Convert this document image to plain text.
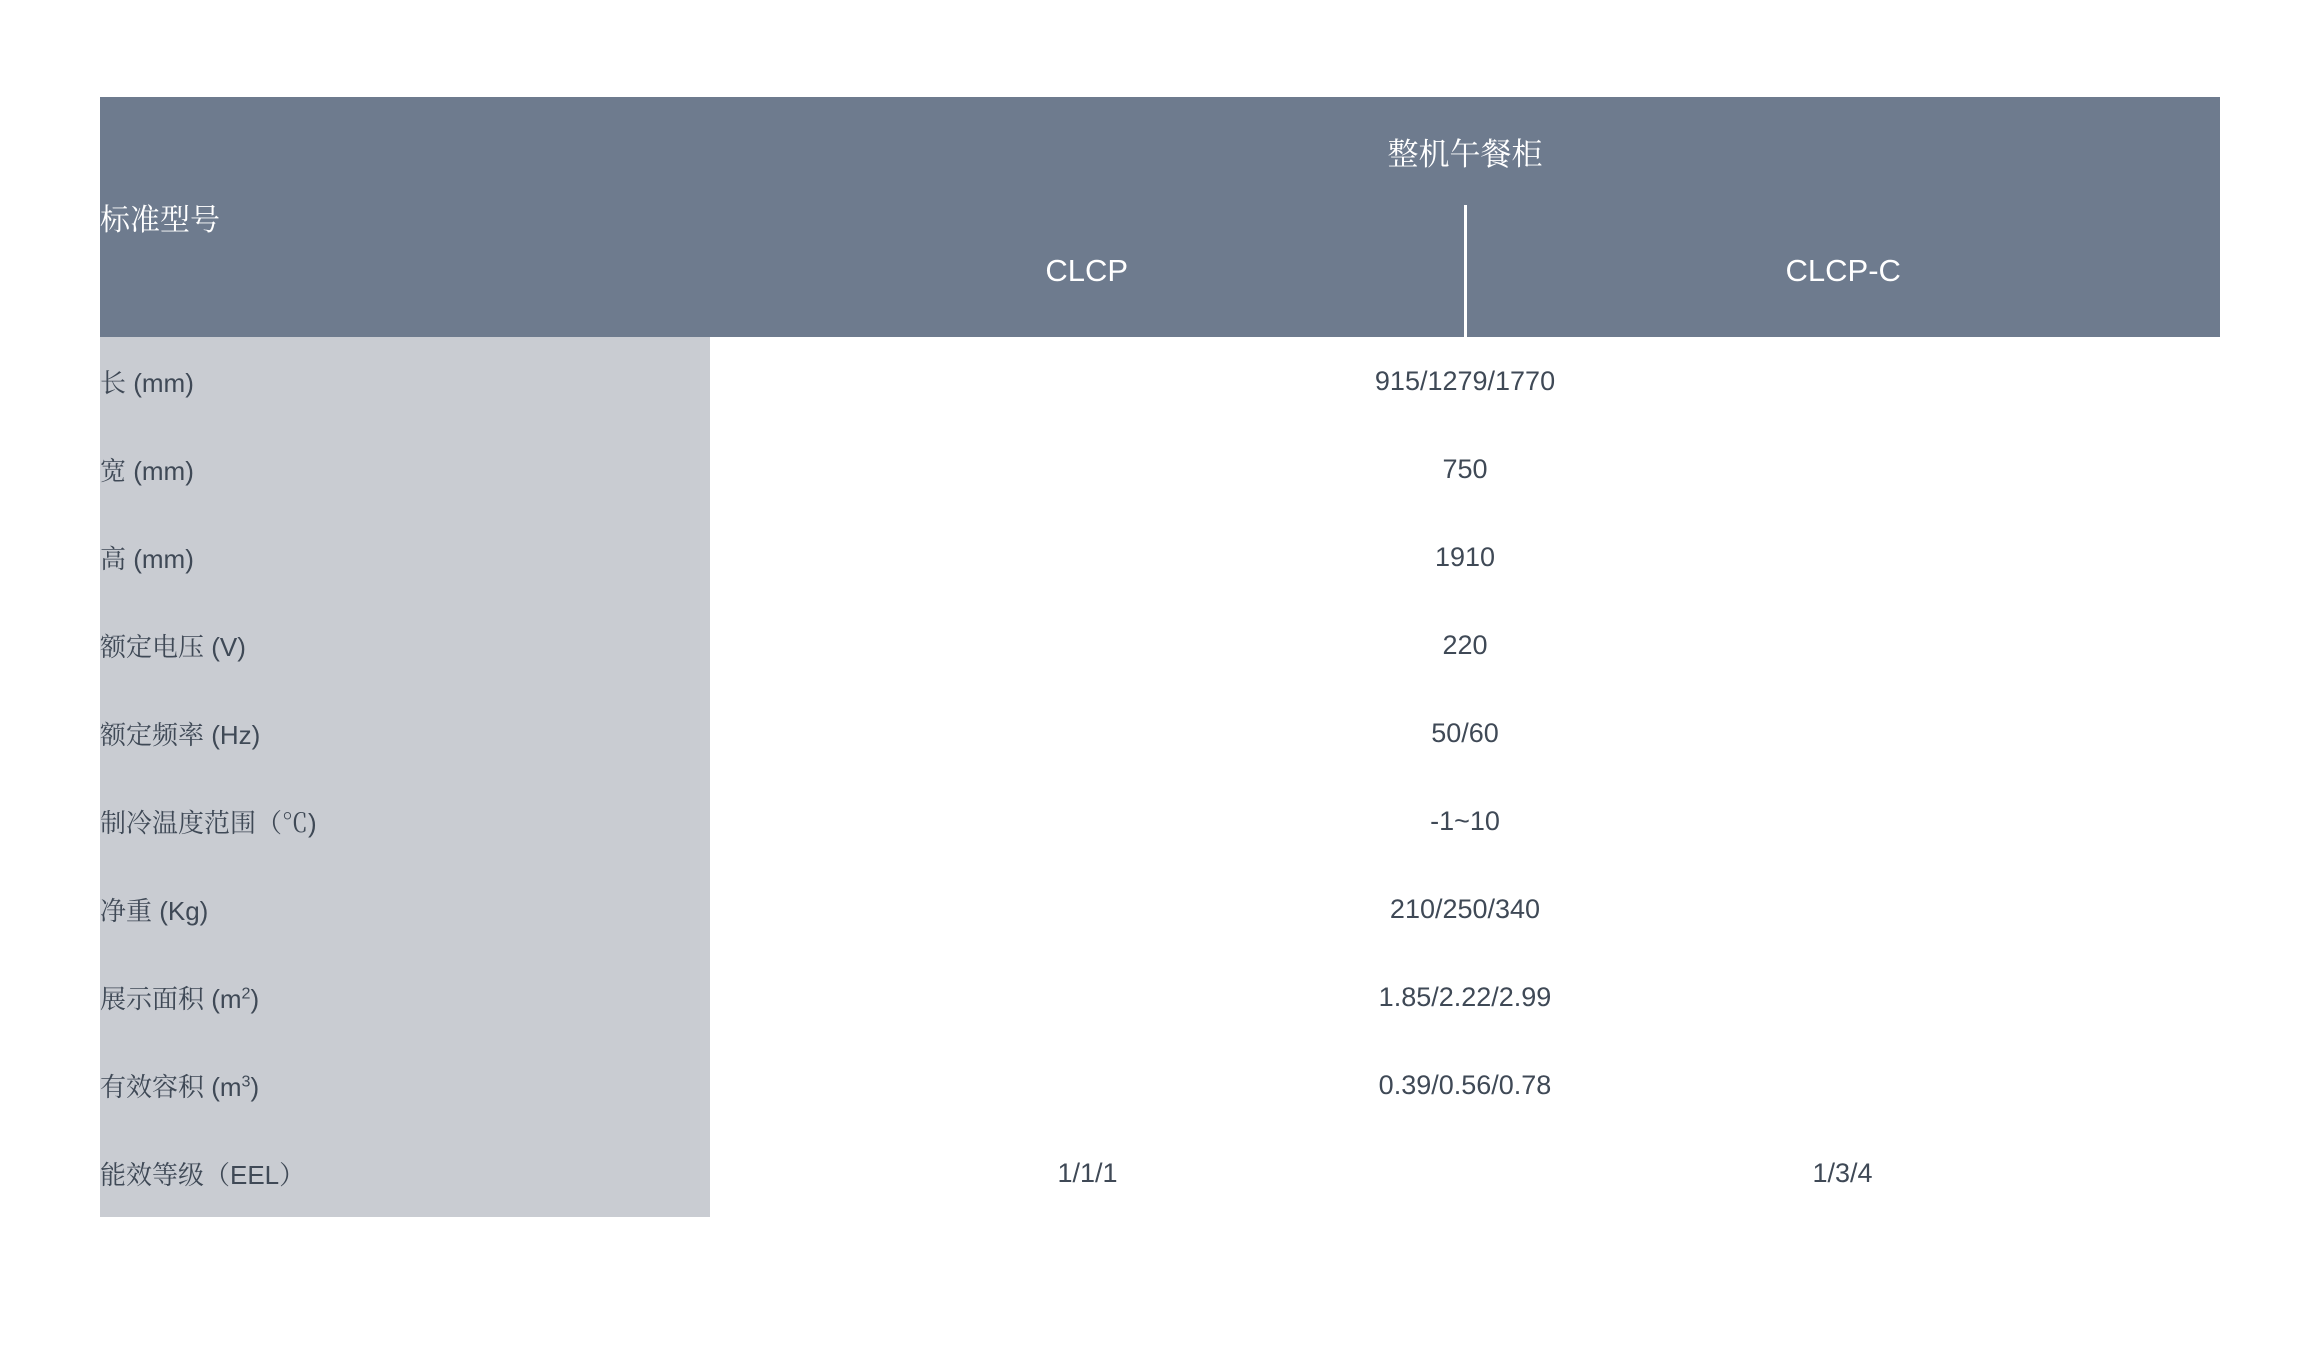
标准型号	整机午餐柜	
	CLCP	CLCP-C
长 (mm)	915/1279/1770	
宽 (mm)	750	
高 (mm)	1910	
额定电压 (V)	220	
额定频率 (Hz)	50/60	
制冷温度范围（℃)	-1~10	
净重 (Kg)	210/250/340	
展示面积 $(m^2)$	1.85/2.22/2.99	
有效容积 $(m^3)$	0.39/0.56/0.78	
能效等级（EEL）	1/1/1	1/3/4
